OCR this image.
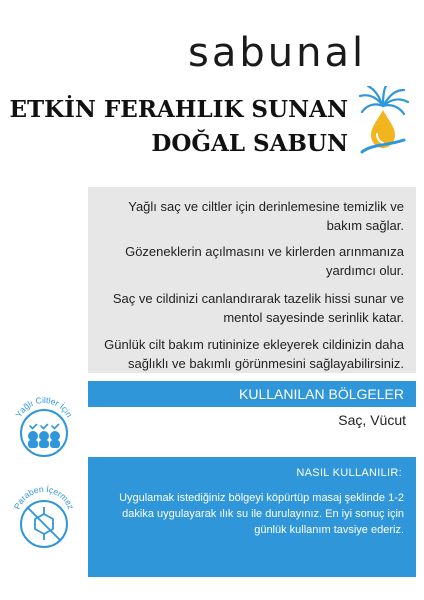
sabunal
ETKİN FERAHLIK SUNAN
DOĞAL SABUN
Yağlı saç ve ciltler için derinlemesine temizlik ve bakım sağlar.
Gözeneklerin açılmasını ve kirlerden arınmanıza yardımcı olur.
Saç ve cildinizi canlandırarak tazelik hissi sunar ve mentol sayesinde serinlik katar.
Günlük cilt bakım rutininize ekleyerek cildinizin daha sağlıklı ve bakımlı görünmesini sağlayabilirsiniz.
KULLANILAN BÖLGELER
Saç, Vücut
Yağlı Ciltler İçin
Paraben İçermez
NASIL KULLANILIR:
Uygulamak istediğiniz bölgeyi köpürtüp masaj şeklinde 1-2 dakika uygulayarak ılık su ile durulayınız. En iyi sonuç için günlük kullanım tavsiye ederiz.
